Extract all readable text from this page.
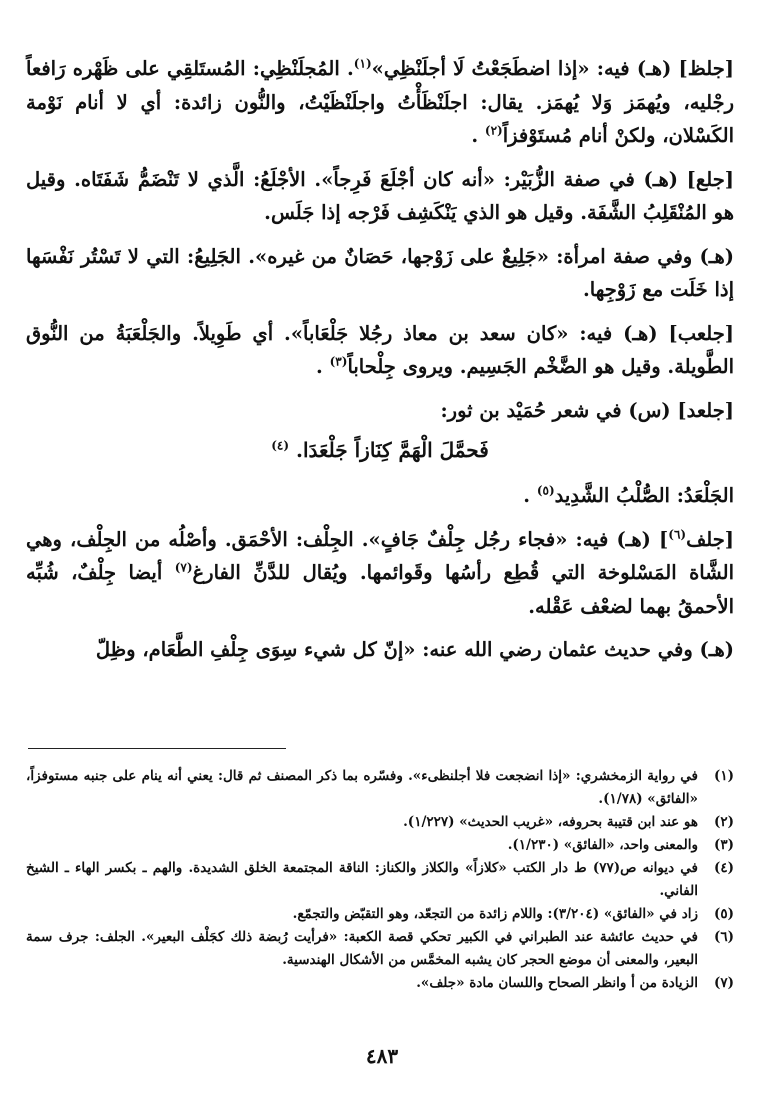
[جلظ] (هـ) فيه: «إذا اضطَجَعْتُ لَا أجلَنْظِي»$^{(١)}$. المُجلَنْظِي: المُستَلقِي على ظَهْره رَافعاً رجْليه، ويُهمَز وَلا يُهمَز. يقال: اجلَنْظَأْتُ واجلَنْظَيْتُ، والنُّون زائدة: أي لا أنام نَوْمة الكَسْلان، ولكنْ أنام مُستَوْفزاً$^{(٢)}$ .

[جلع] (هـ) في صفة الزُّبَيْر: «أنه كان أجْلَعَ فَرِجاً». الأجْلَعُ: الَّذي لا تَنْضَمُّ شَفَتَاه. وقيل هو المُنْقَلِبُ الشَّفَة. وقيل هو الذي يَنْكَشِف فَرْجه إذا جَلَس.

(هـ) وفي صفة امرأة: «جَلِيعٌ على زَوْجها، حَصَانٌ من غيره». الجَلِيعُ: التي لا تَسْتُر نَفْسَها إذا خَلَت مع زَوْجِها.

[جلعب] (هـ) فيه: «كان سعد بن معاذ رجُلا جَلْعَاباً». أي طَوِيلاً. والجَلْعَبَةُ من النُّوق الطَّويلة. وقيل هو الضَّخْم الجَسِيم. ويروى جِلْحاباً$^{(٣)}$ .

[جلعد] (س) في شعر حُمَيْد بن ثور:

فَحمَّلَ الْهَمَّ كِنَازاً جَلْعَدَا. $^{(٤)}$

الجَلْعَدُ: الصُّلْبُ الشَّدِيد$^{(٥)}$ .

[جلف$^{(٦)}$] (هـ) فيه: «فجاء رجُل جِلْفٌ جَافٍ». الجِلْف: الأحْمَق. وأصْلُه من الجِلْف، وهي الشَّاة المَسْلوخة التي قُطِع رأسُها وقَوائمها. ويُقال للدَّنِّ الفارغ$^{(٧)}$ أيضا جِلْفٌ، شُبِّه الأحمقُ بهما لضعْف عَقْله.

(هـ) وفي حديث عثمان رضي الله عنه: «إنّ كل شيء سِوَى جِلْفِ الطَّعَام، وظِلّ

(١)
في رواية الزمخشري: «إذا انضجعت فلا أجلنظىء». وفسّره بما ذكر المصنف ثم قال: يعني أنه ينام على جنبه مستوفزاً، «الفائق» (١/٧٨).
(٢)
هو عند ابن قتيبة بحروفه، «غريب الحديث» (١/٢٢٧).
(٣)
والمعنى واحد، «الفائق» (١/٢٣٠).
(٤)
في ديوانه ص(٧٧) ط دار الكتب «كلازاً» والكلاز والكناز: الناقة المجتمعة الخلق الشديدة. والهم ـ بكسر الهاء ـ الشيخ الفاني.
(٥)
زاد في «الفائق» (٣/٢٠٤): واللام زائدة من التجعّد، وهو التقبّض والتجمّع.
(٦)
في حديث عائشة عند الطبراني في الكبير تحكي قصة الكعبة: «فرأيت رُبضة ذلك كجَلْف البعير». الجلف: جرف سمة البعير، والمعنى أن موضع الحجر كان يشبه المخمَّس من الأشكال الهندسية.
(٧)
الزيادة من أ وانظر الصحاح واللسان مادة «جلف».
٤٨٣
